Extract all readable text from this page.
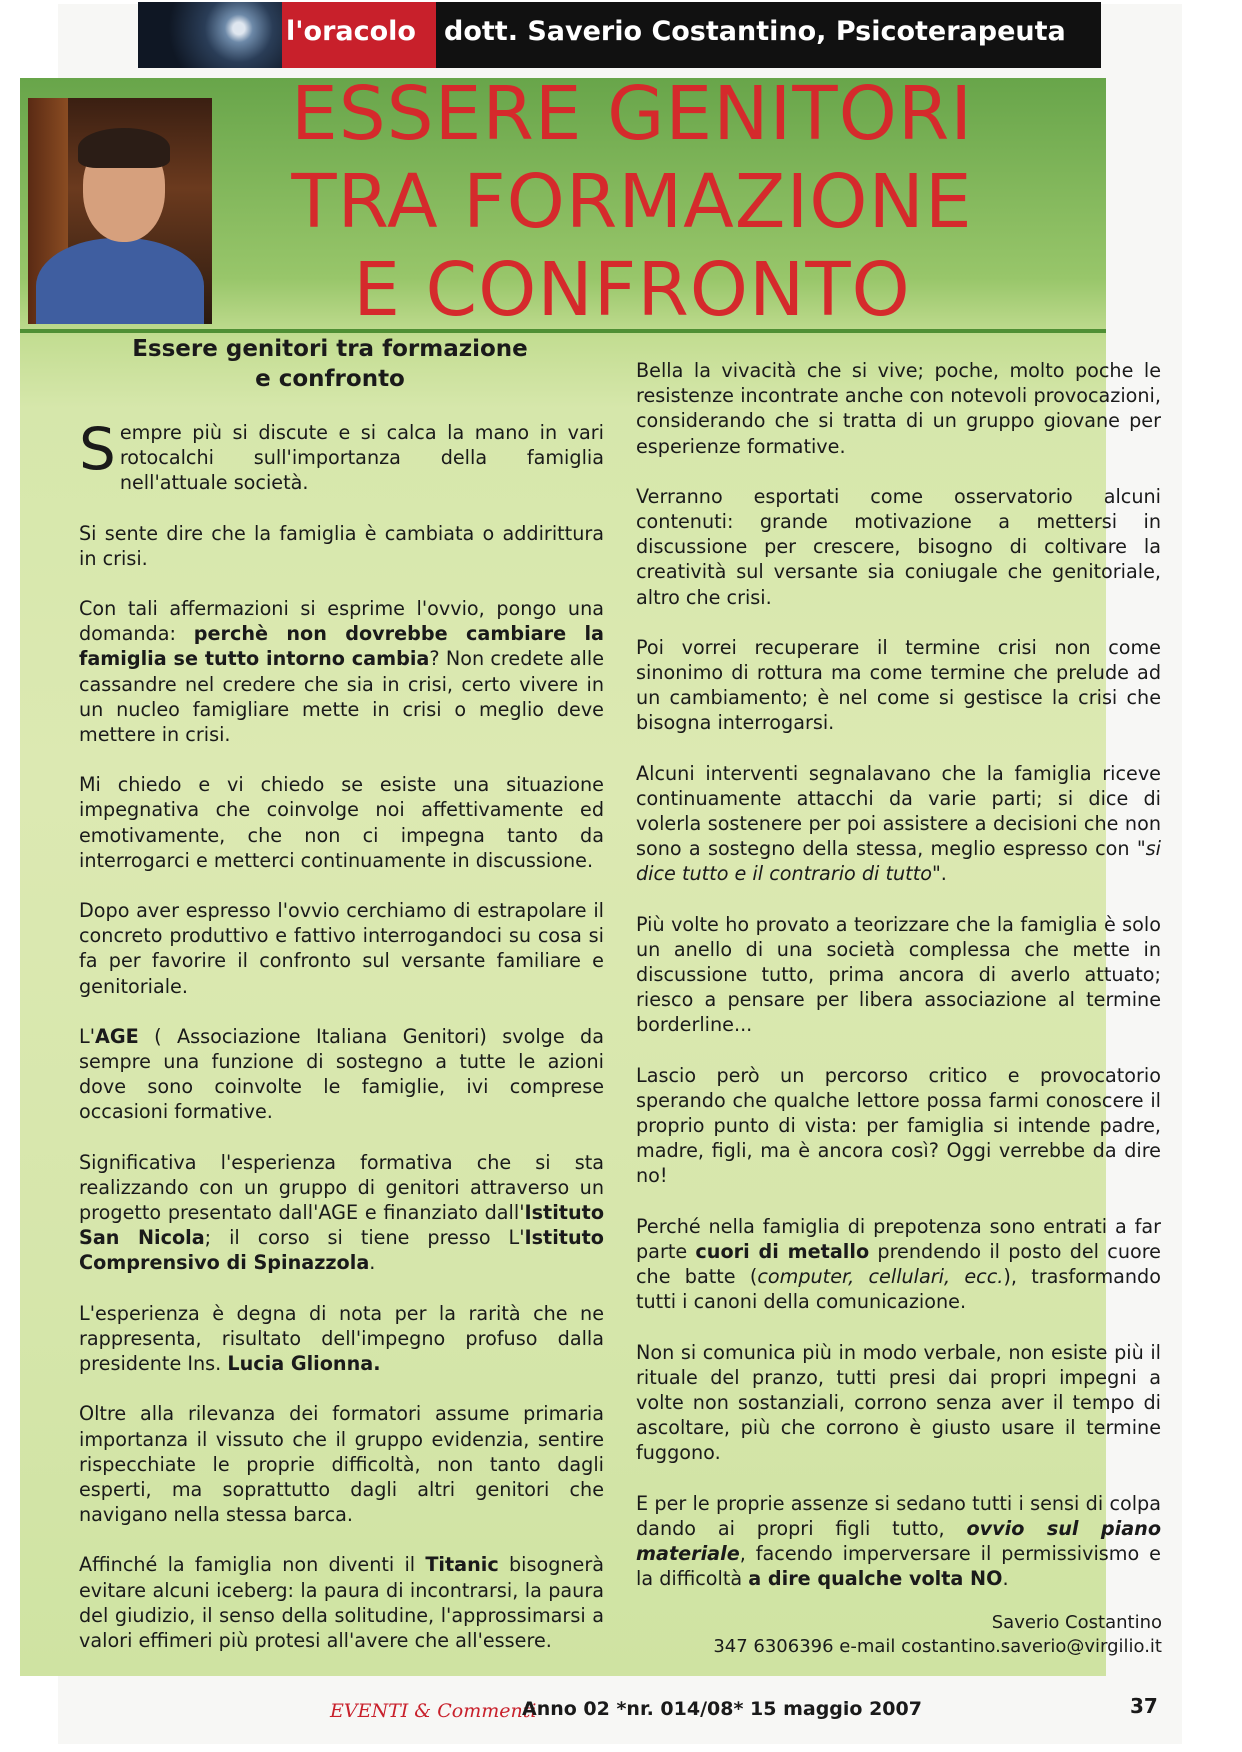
l'oracolo dott. Saverio Costantino, Psicoterapeuta
ESSERE GENITORI
TRA FORMAZIONE
E CONFRONTO
Essere genitori tra formazione
e confronto

Sempre più si discute e si calca la mano in vari rotocalchi sull'importanza della famiglia nell'attuale società.

Si sente dire che la famiglia è cambiata o addirittura in crisi.

Con tali affermazioni si esprime l'ovvio, pongo una domanda: perchè non dovrebbe cambiare la famiglia se tutto intorno cambia? Non credete alle cassandre nel credere che sia in crisi, certo vivere in un nucleo famigliare mette in crisi o meglio deve mettere in crisi.

Mi chiedo e vi chiedo se esiste una situazione impegnativa che coinvolge noi affettivamente ed emotivamente, che non ci impegna tanto da interrogarci e metterci continuamente in discussione.

Dopo aver espresso l'ovvio cerchiamo di estrapolare il concreto produttivo e fattivo interrogandoci su cosa si fa per favorire il confronto sul versante familiare e genitoriale.

L'AGE ( Associazione Italiana Genitori) svolge da sempre una funzione di sostegno a tutte le azioni dove sono coinvolte le famiglie, ivi comprese occasioni formative.

Significativa l'esperienza formativa che si sta realizzando con un gruppo di genitori attraverso un progetto presentato dall'AGE e finanziato dall'Istituto San Nicola; il corso si tiene presso L'Istituto Comprensivo di Spinazzola.

L'esperienza è degna di nota per la rarità che ne rappresenta, risultato dell'impegno profuso dalla presidente Ins. Lucia Glionna.

Oltre alla rilevanza dei formatori assume primaria importanza il vissuto che il gruppo evidenzia, sentire rispecchiate le proprie difficoltà, non tanto dagli esperti, ma soprattutto dagli altri genitori che navigano nella stessa barca.

Affinché la famiglia non diventi il Titanic bisognerà evitare alcuni iceberg: la paura di incontrarsi, la paura del giudizio, il senso della solitudine, l'approssimarsi a valori effimeri più protesi all'avere che all'essere.

Bella la vivacità che si vive; poche, molto poche le resistenze incontrate anche con notevoli provocazioni, considerando che si tratta di un gruppo giovane per esperienze formative.

Verranno esportati come osservatorio alcuni contenuti: grande motivazione a mettersi in discussione per crescere, bisogno di coltivare la creatività sul versante sia coniugale che genitoriale, altro che crisi.

Poi vorrei recuperare il termine crisi non come sinonimo di rottura ma come termine che prelude ad un cambiamento; è nel come si gestisce la crisi che bisogna interrogarsi.

Alcuni interventi segnalavano che la famiglia riceve continuamente attacchi da varie parti; si dice di volerla sostenere per poi assistere a decisioni che non sono a sostegno della stessa, meglio espresso con "si dice tutto e il contrario di tutto".

Più volte ho provato a teorizzare che la famiglia è solo un anello di una società complessa che mette in discussione tutto, prima ancora di averlo attuato; riesco a pensare per libera associazione al termine borderline...

Lascio però un percorso critico e provocatorio sperando che qualche lettore possa farmi conoscere il proprio punto di vista: per famiglia si intende padre, madre, figli, ma è ancora così? Oggi verrebbe da dire no!

Perché nella famiglia di prepotenza sono entrati a far parte cuori di metallo prendendo il posto del cuore che batte (computer, cellulari, ecc.), trasformando tutti i canoni della comunicazione.

Non si comunica più in modo verbale, non esiste più il rituale del pranzo, tutti presi dai propri impegni a volte non sostanziali, corrono senza aver il tempo di ascoltare, più che corrono è giusto usare il termine fuggono.

E per le proprie assenze si sedano tutti i sensi di colpa dando ai propri figli tutto, ovvio sul piano materiale, facendo imperversare il permissivismo e la difficoltà a dire qualche volta NO.

Saverio Costantino
347 6306396 e-mail costantino.saverio@virgilio.it
EVENTI & Commenti
Anno 02 *nr. 014/08* 15 maggio 2007	37
